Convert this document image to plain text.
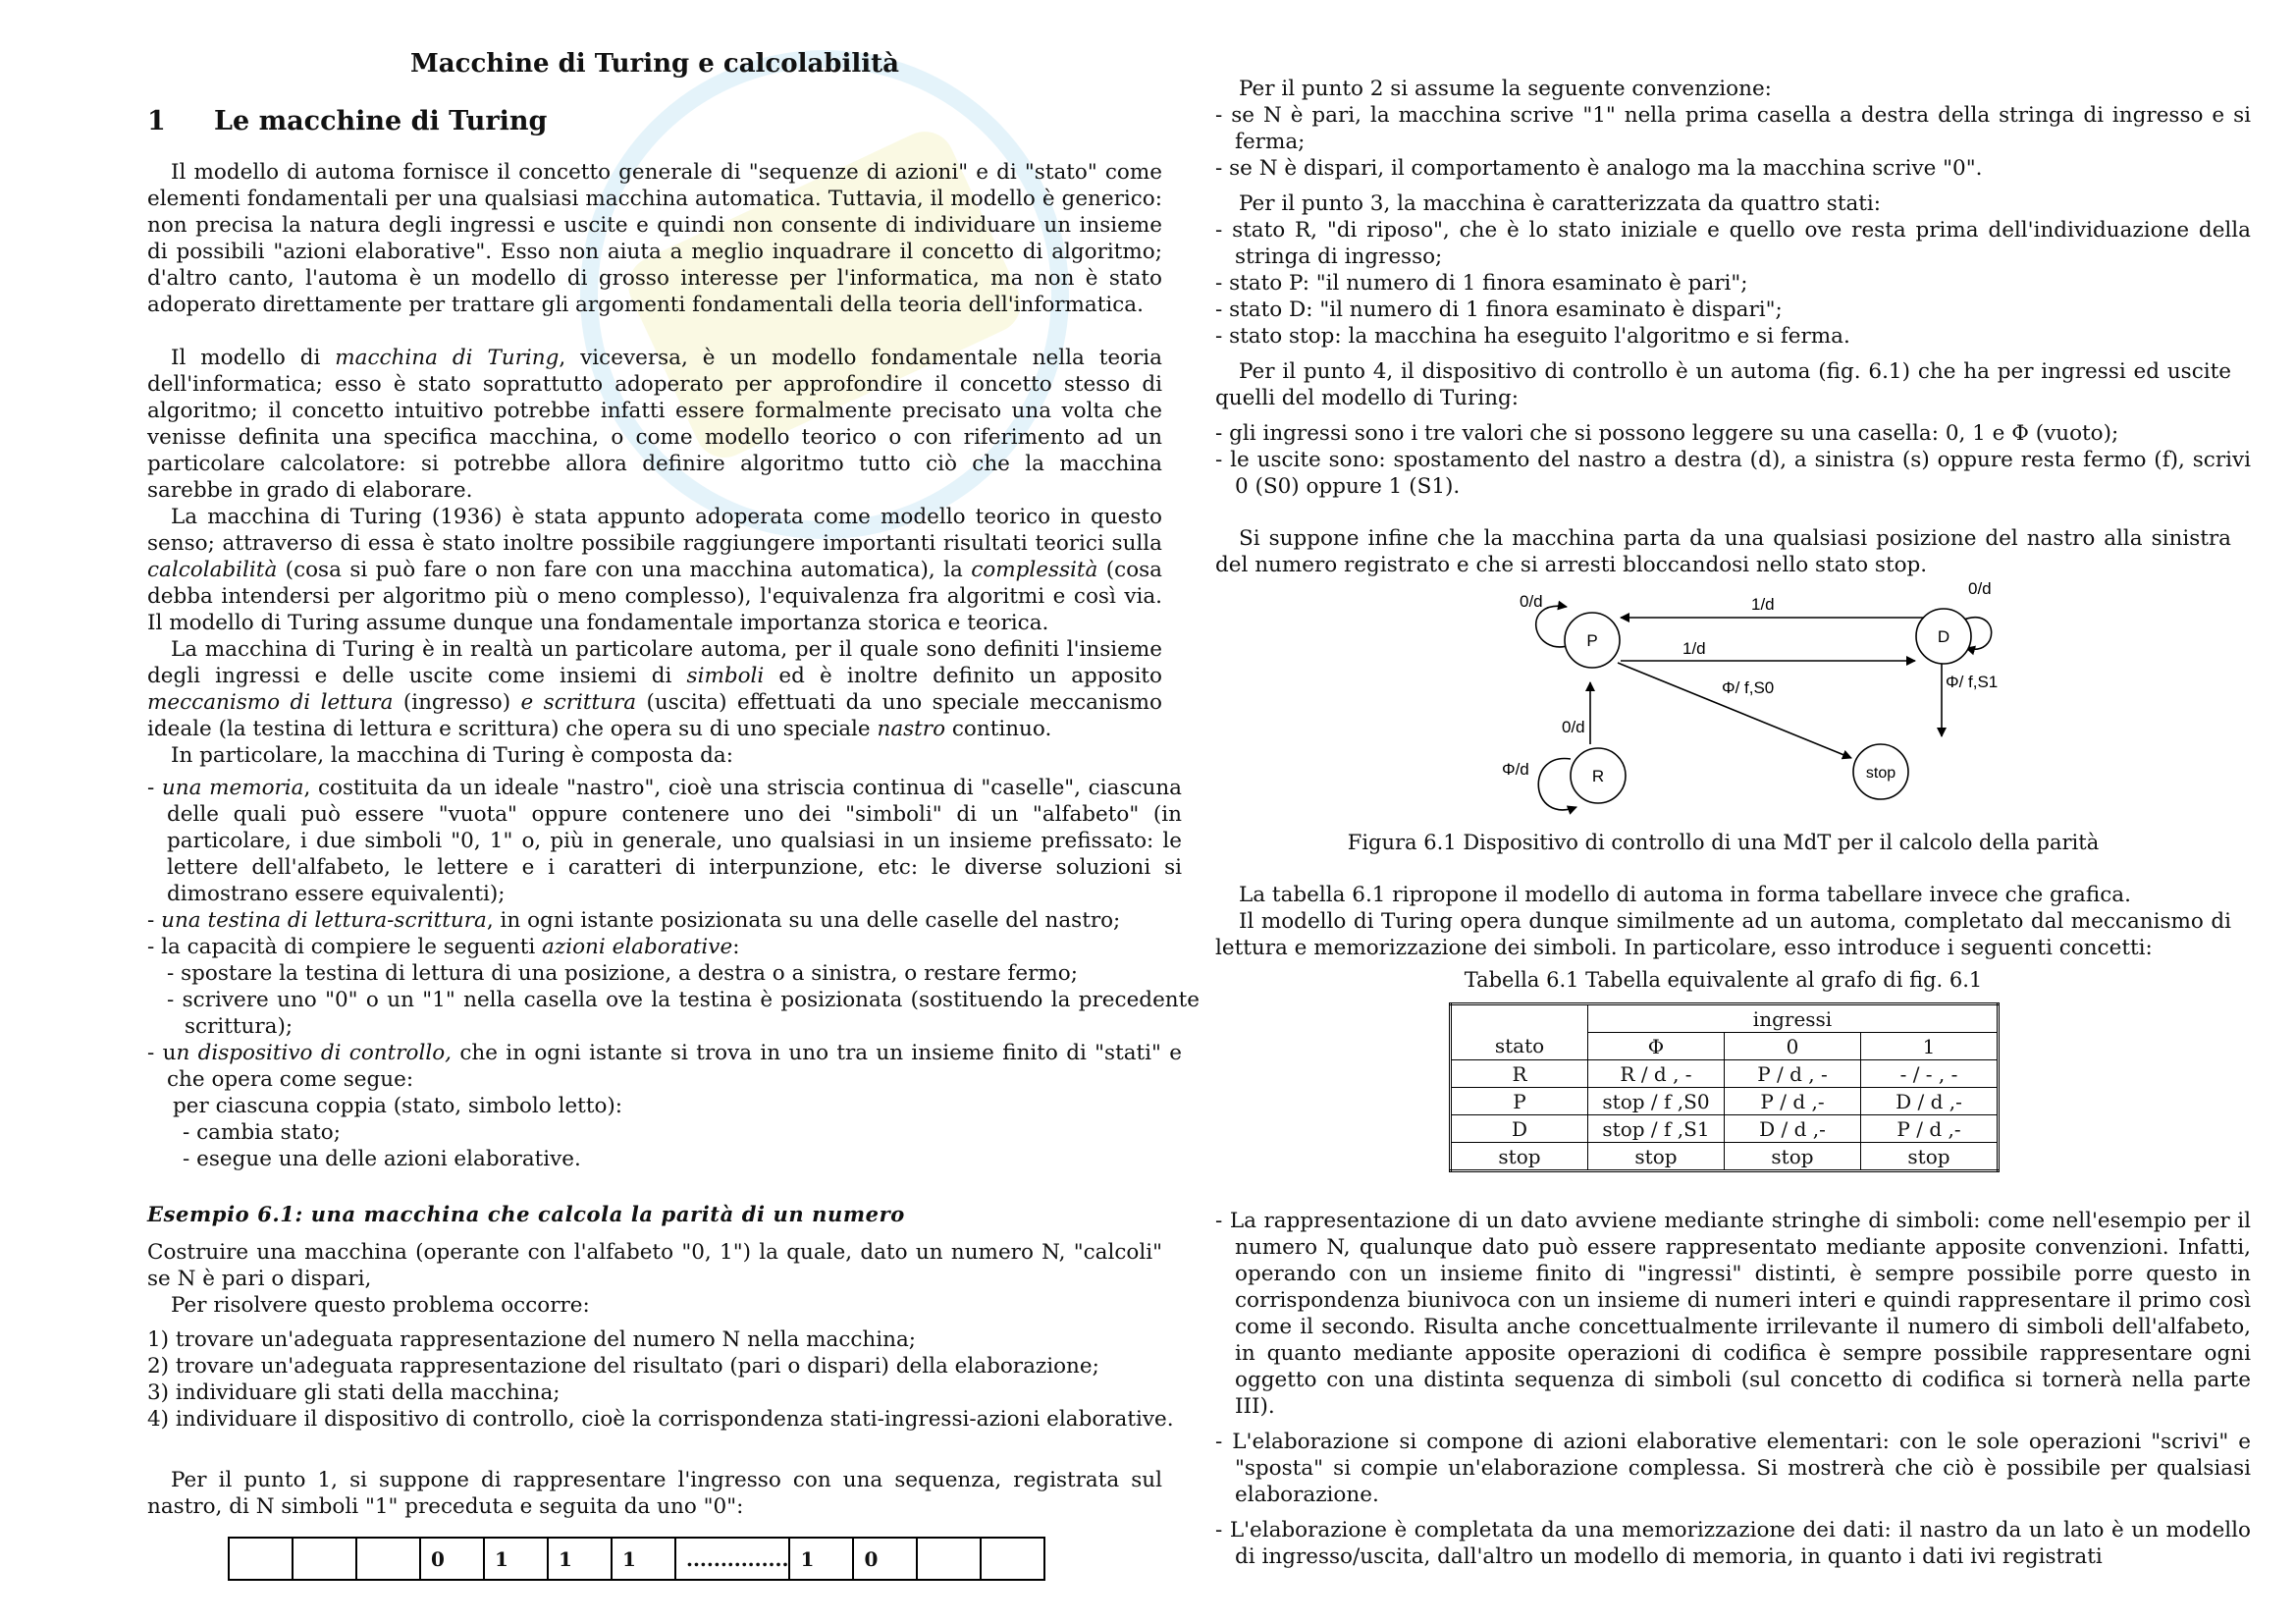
Macchine di Turing e calcolabilità
1 Le macchine di Turing

Il modello di automa fornisce il concetto generale di "sequenze di azioni" e di "stato" come elementi fondamentali per una qualsiasi macchina automatica. Tuttavia, il modello è generico: non precisa la natura degli ingressi e uscite e quindi non consente di individuare un insieme di possibili "azioni elaborative". Esso non aiuta a meglio inquadrare il concetto di algoritmo; d'altro canto, l'automa è un modello di grosso interesse per l'informatica, ma non è stato adoperato direttamente per trattare gli argomenti fondamentali della teoria dell'informatica.

Il modello di macchina di Turing, viceversa, è un modello fondamentale nella teoria dell'informatica; esso è stato soprattutto adoperato per approfondire il concetto stesso di algoritmo; il concetto intuitivo potrebbe infatti essere formalmente precisato una volta che venisse definita una specifica macchina, o come modello teorico o con riferimento ad un particolare calcolatore: si potrebbe allora definire algoritmo tutto ciò che la macchina sarebbe in grado di elaborare.

La macchina di Turing (1936) è stata appunto adoperata come modello teorico in questo senso; attraverso di essa è stato inoltre possibile raggiungere importanti risultati teorici sulla calcolabilità (cosa si può fare o non fare con una macchina automatica), la complessità (cosa debba intendersi per algoritmo più o meno complesso), l'equivalenza fra algoritmi e così via. Il modello di Turing assume dunque una fondamentale importanza storica e teorica.

La macchina di Turing è in realtà un particolare automa, per il quale sono definiti l'insieme degli ingressi e delle uscite come insiemi di simboli ed è inoltre definito un apposito meccanismo di lettura (ingresso) e scrittura (uscita) effettuati da uno speciale meccanismo ideale (la testina di lettura e scrittura) che opera su di uno speciale nastro continuo.

In particolare, la macchina di Turing è composta da:

- una memoria, costituita da un ideale "nastro", cioè una striscia continua di "caselle", ciascuna delle quali può essere "vuota" oppure contenere uno dei "simboli" di un "alfabeto" (in particolare, i due simboli "0, 1" o, più in generale, uno qualsiasi in un insieme prefissato: le lettere dell'alfabeto, le lettere e i caratteri di interpunzione, etc: le diverse soluzioni si dimostrano essere equivalenti);

- una testina di lettura-scrittura, in ogni istante posizionata su una delle caselle del nastro;

- la capacità di compiere le seguenti azioni elaborative:

- spostare la testina di lettura di una posizione, a destra o a sinistra, o restare fermo;

- scrivere uno "0" o un "1" nella casella ove la testina è posizionata (sostituendo la precedente scrittura);

- un dispositivo di controllo, che in ogni istante si trova in uno tra un insieme finito di "stati" e che opera come segue:

per ciascuna coppia (stato, simbolo letto):

- cambia stato;

- esegue una delle azioni elaborative.

Esempio 6.1: una macchina che calcola la parità di un numero

Costruire una macchina (operante con l'alfabeto "0, 1") la quale, dato un numero N, "calcoli" se N è pari o dispari,

Per risolvere questo problema occorre:

1) trovare un'adeguata rappresentazione del numero N nella macchina;

2) trovare un'adeguata rappresentazione del risultato (pari o dispari) della elaborazione;

3) individuare gli stati della macchina;

4) individuare il dispositivo di controllo, cioè la corrispondenza stati-ingressi-azioni elaborative.

Per il punto 1, si suppone di rappresentare l'ingresso con una sequenza, registrata sul nastro, di N simboli "1" preceduta e seguita da uno "0":

			0	1	1	1	...............	1	0		

Per il punto 2 si assume la seguente convenzione:

- se N è pari, la macchina scrive "1" nella prima casella a destra della stringa di ingresso e si ferma;

- se N è dispari, il comportamento è analogo ma la macchina scrive "0".

Per il punto 3, la macchina è caratterizzata da quattro stati:

- stato R, "di riposo", che è lo stato iniziale e quello ove resta prima dell'individuazione della stringa di ingresso;

- stato P: "il numero di 1 finora esaminato è pari";

- stato D: "il numero di 1 finora esaminato è dispari";

- stato stop: la macchina ha eseguito l'algoritmo e si ferma.

Per il punto 4, il dispositivo di controllo è un automa (fig. 6.1) che ha per ingressi ed uscite quelli del modello di Turing:

- gli ingressi sono i tre valori che si possono leggere su una casella: 0, 1 e Φ (vuoto);

- le uscite sono: spostamento del nastro a destra (d), a sinistra (s) oppure resta fermo (f), scrivi 0 (S0) oppure 1 (S1).

Si suppone infine che la macchina parta da una qualsiasi posizione del nastro alla sinistra del numero registrato e che si arresti bloccandosi nello stato stop.

P	D
R	stop
0/d
0/d
1/d
1/d
Φ/ f,S0	Φ/ f,S1
0/d
Φ/d
Figura 6.1 Dispositivo di controllo di una MdT per il calcolo della parità

La tabella 6.1 ripropone il modello di automa in forma tabellare invece che grafica.

Il modello di Turing opera dunque similmente ad un automa, completato dal meccanismo di lettura e memorizzazione dei simboli. In particolare, esso introduce i seguenti concetti:

Tabella 6.1 Tabella equivalente al grafo di fig. 6.1
	ingressi		
stato	Φ	0	1
R	R / d , -	P / d , -	- / - , -
P	stop / f ,S0	P / d ,-	D / d ,-
D	stop / f ,S1	D / d ,-	P / d ,-
stop	stop	stop	stop

- La rappresentazione di un dato avviene mediante stringhe di simboli: come nell'esempio per il numero N, qualunque dato può essere rappresentato mediante apposite convenzioni. Infatti, operando con un insieme finito di "ingressi" distinti, è sempre possibile porre questo in corrispondenza biunivoca con un insieme di numeri interi e quindi rappresentare il primo così come il secondo. Risulta anche concettualmente irrilevante il numero di simboli dell'alfabeto, in quanto mediante apposite operazioni di codifica è sempre possibile rappresentare ogni oggetto con una distinta sequenza di simboli (sul concetto di codifica si tornerà nella parte III).

- L'elaborazione si compone di azioni elaborative elementari: con le sole operazioni "scrivi" e "sposta" si compie un'elaborazione complessa. Si mostrerà che ciò è possibile per qualsiasi elaborazione.

- L'elaborazione è completata da una memorizzazione dei dati: il nastro da un lato è un modello di ingresso/uscita, dall'altro un modello di memoria, in quanto i dati ivi registrati
